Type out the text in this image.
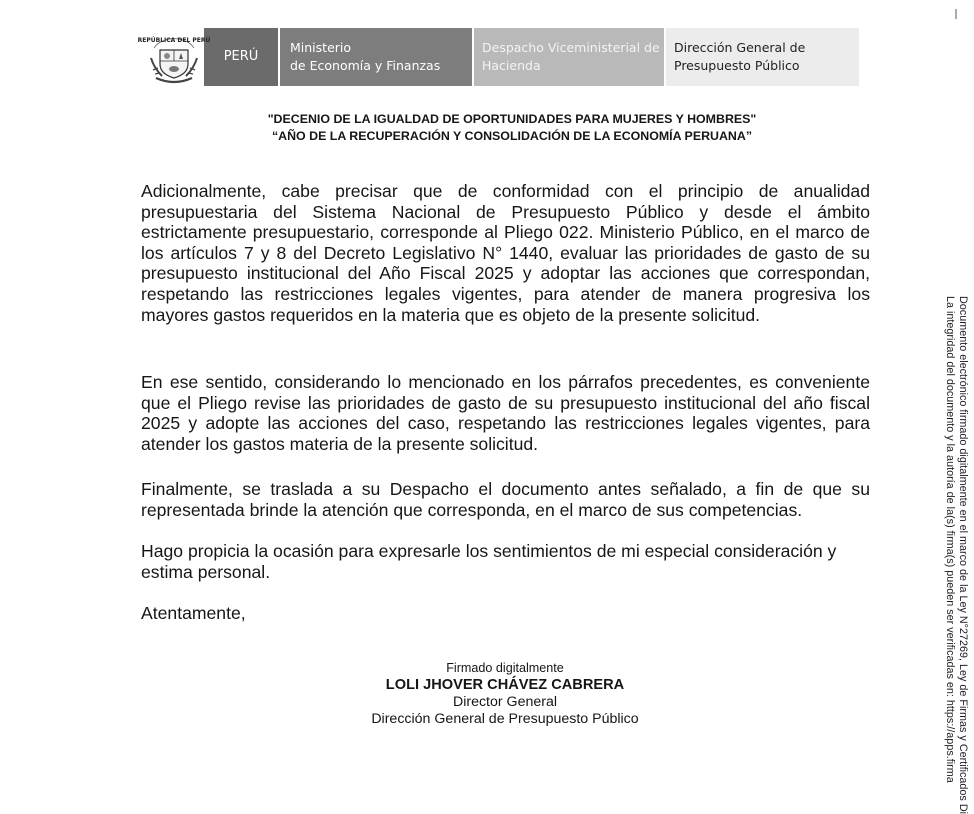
REPÚBLICA DEL PERÚ
PERÚ
Ministerio
de Economía y Finanzas
Despacho Viceministerial de
Hacienda
Dirección General de
Presupuesto Público
"DECENIO DE LA IGUALDAD DE OPORTUNIDADES PARA MUJERES Y HOMBRES"
“AÑO DE LA RECUPERACIÓN Y CONSOLIDACIÓN DE LA ECONOMÍA PERUANA”

Adicionalmente, cabe precisar que de conformidad con el principio de anualidad presupuestaria del Sistema Nacional de Presupuesto Público y desde el ámbito estrictamente presupuestario, corresponde al Pliego 022. Ministerio Público, en el marco de los artículos 7 y 8 del Decreto Legislativo N° 1440, evaluar las prioridades de gasto de su presupuesto institucional del Año Fiscal 2025 y adoptar las acciones que correspondan, respetando las restricciones legales vigentes, para atender de manera progresiva los mayores gastos requeridos en la materia que es objeto de la presente solicitud.

En ese sentido, considerando lo mencionado en los párrafos precedentes, es conveniente que el Pliego revise las prioridades de gasto de su presupuesto institucional del año fiscal 2025 y adopte las acciones del caso, respetando las restricciones legales vigentes, para atender los gastos materia de la presente solicitud.

Finalmente, se traslada a su Despacho el documento antes señalado, a fin de que su representada brinde la atención que corresponda, en el marco de sus competencias.

Hago propicia la ocasión para expresarle los sentimientos de mi especial consideración y estima personal.

Atentamente,

Firmado digitalmente
LOLI JHOVER CHÁVEZ CABRERA
Director General
Dirección General de Presupuesto Público	Documento electrónico firmado digitalmente en el marco de la Ley N°27269, Ley de Firmas y Certificados Di
La integridad del documento y la autoría de la(s) firma(s) pueden ser verificadas en: https://apps.firma
